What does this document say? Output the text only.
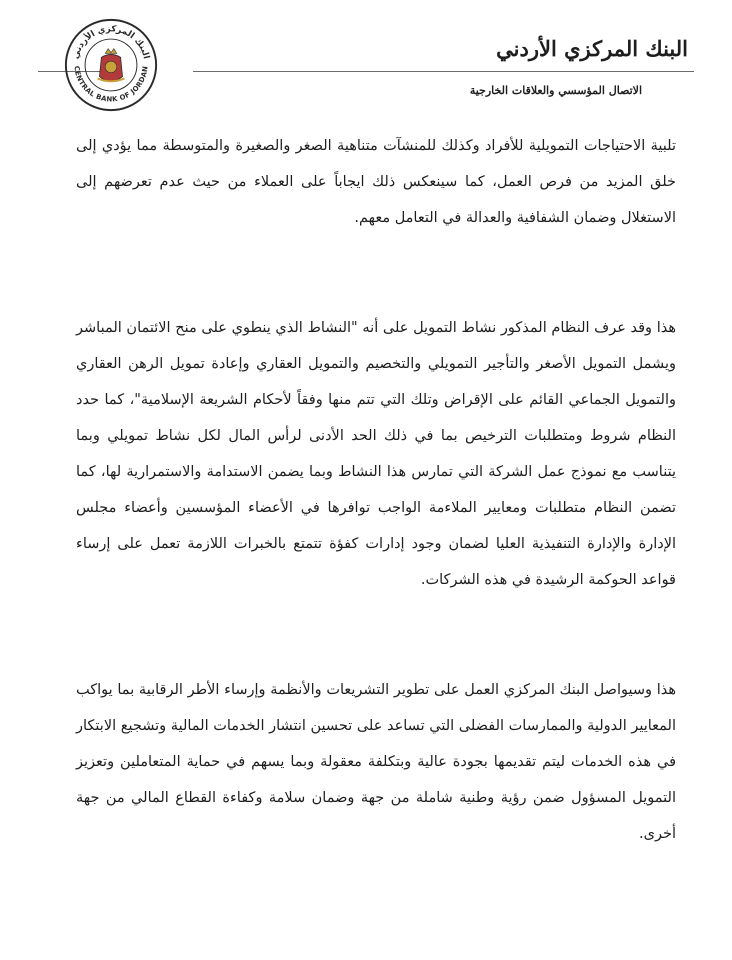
البنك المركزي الأردني
CENTRAL BANK OF JORDAN
البنك المركزي الأردني
الاتصال المؤسسي والعلاقات الخارجية

تلبية الاحتياجات التمويلية للأفراد وكذلك للمنشآت متناهية الصغر والصغيرة والمتوسطة مما يؤدي إلى خلق المزيد من فرص العمل، كما سينعكس ذلك ايجاباً على العملاء من حيث عدم تعرضهم إلى الاستغلال وضمان الشفافية والعدالة في التعامل معهم.

هذا وقد عرف النظام المذكور نشاط التمويل على أنه "النشاط الذي ينطوي على منح الائتمان المباشر ويشمل التمويل الأصغر والتأجير التمويلي والتخصيم والتمويل العقاري وإعادة تمويل الرهن العقاري والتمويل الجماعي القائم على الإقراض وتلك التي تتم منها وفقاً لأحكام الشريعة الإسلامية"، كما حدد النظام شروط ومتطلبات الترخيص بما في ذلك الحد الأدنى لرأس المال لكل نشاط تمويلي وبما يتناسب مع نموذج عمل الشركة التي تمارس هذا النشاط وبما يضمن الاستدامة والاستمرارية لها، كما تضمن النظام متطلبات ومعايير الملاءمة الواجب توافرها في الأعضاء المؤسسين وأعضاء مجلس الإدارة والإدارة التنفيذية العليا لضمان وجود إدارات كفؤة تتمتع بالخبرات اللازمة تعمل على إرساء قواعد الحوكمة الرشيدة في هذه الشركات.

هذا وسيواصل البنك المركزي العمل على تطوير التشريعات والأنظمة وإرساء الأطر الرقابية بما يواكب المعايير الدولية والممارسات الفضلى التي تساعد على تحسين انتشار الخدمات المالية وتشجيع الابتكار في هذه الخدمات ليتم تقديمها بجودة عالية وبتكلفة معقولة وبما يسهم في حماية المتعاملين وتعزيز التمويل المسؤول ضمن رؤية وطنية شاملة من جهة وضمان سلامة وكفاءة القطاع المالي من جهة أخرى.
